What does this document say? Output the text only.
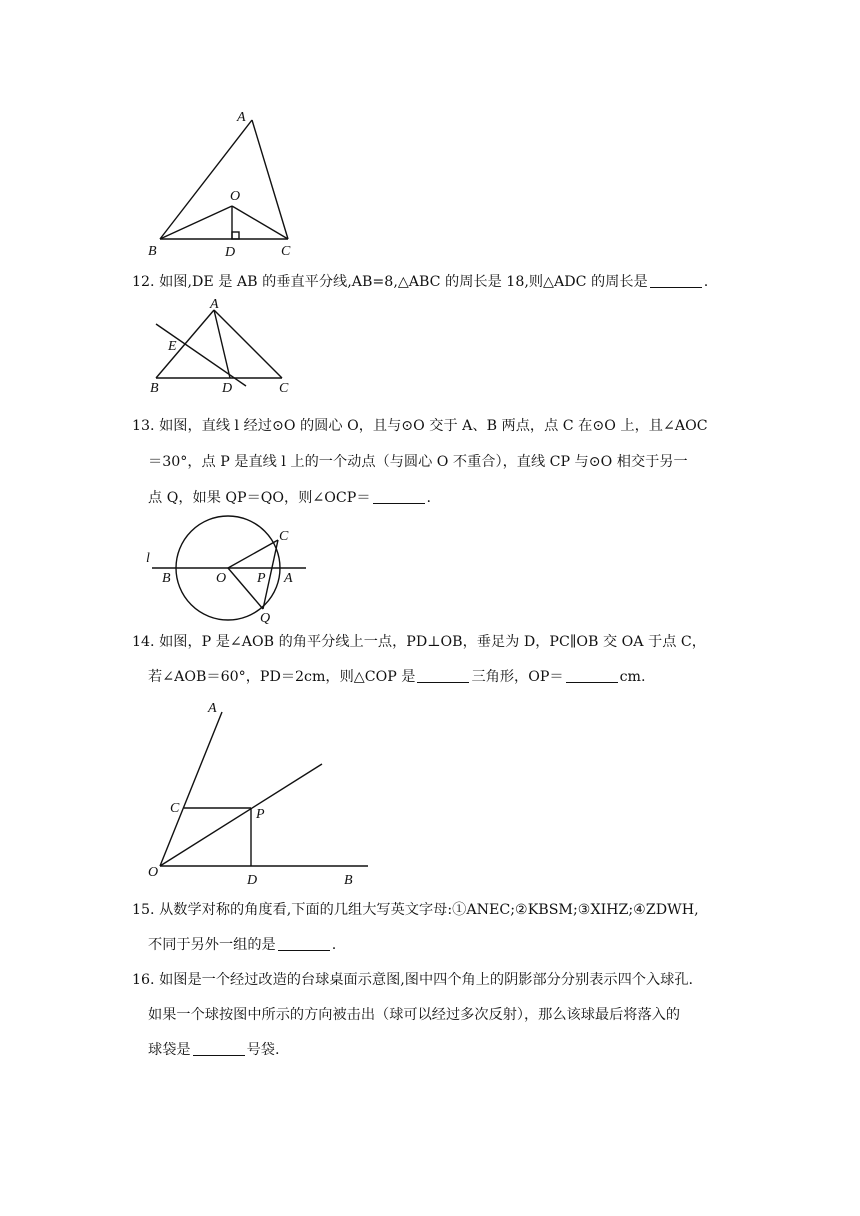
A
O
B	D	C
12. 如图,DE 是 AB 的垂直平分线,AB=8,△ABC 的周长是 18,则△ADC 的周长是	.
A
E
B	D	C
13. 如图，直线 l 经过⊙O 的圆心 O，且与⊙O 交于 A、B 两点，点 C 在⊙O 上，且∠AOC
＝30°，点 P 是直线 l 上的一个动点（与圆心 O 不重合），直线 CP 与⊙O 相交于另一
点 Q，如果 QP＝QO，则∠OCP＝	.
l
B	O P A
C
Q
14. 如图，P 是∠AOB 的角平分线上一点，PD⊥OB，垂足为 D，PC∥OB 交 OA 于点 C，
若∠AOB＝60°，PD＝2cm，则△COP 是	三角形，OP＝	cm.
A
C	P
O
D	B
15. 从数学对称的角度看,下面的几组大写英文字母:①ANEC;②KBSM;③XIHZ;④ZDWH,
不同于另外一组的是	.
16. 如图是一个经过改造的台球桌面示意图,图中四个角上的阴影部分分别表示四个入球孔.
如果一个球按图中所示的方向被击出（球可以经过多次反射），那么该球最后将落入的
球袋是	号袋.
